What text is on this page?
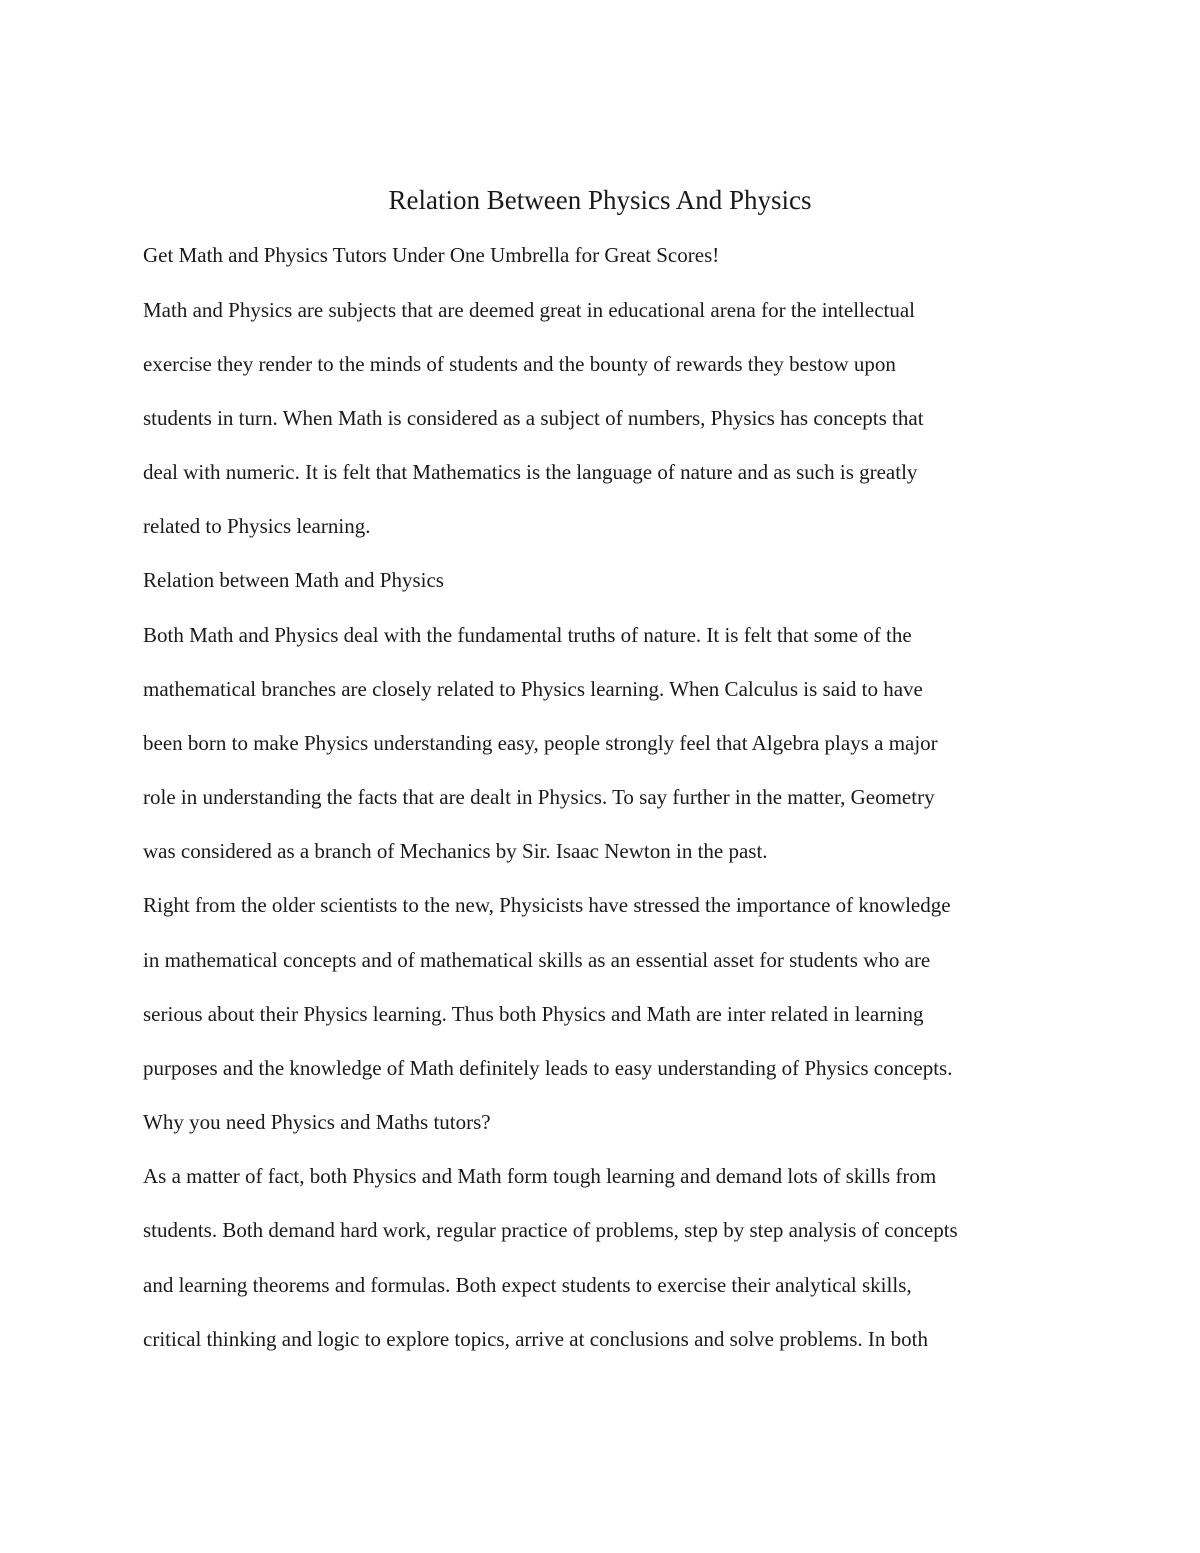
Relation Between Physics And Physics

Get Math and Physics Tutors Under One Umbrella for Great Scores!

Math and Physics are subjects that are deemed great in educational arena for the intellectual

exercise they render to the minds of students and the bounty of rewards they bestow upon

students in turn. When Math is considered as a subject of numbers, Physics has concepts that

deal with numeric. It is felt that Mathematics is the language of nature and as such is greatly

related to Physics learning.

Relation between Math and Physics

Both Math and Physics deal with the fundamental truths of nature. It is felt that some of the

mathematical branches are closely related to Physics learning. When Calculus is said to have

been born to make Physics understanding easy, people strongly feel that Algebra plays a major

role in understanding the facts that are dealt in Physics. To say further in the matter, Geometry

was considered as a branch of Mechanics by Sir. Isaac Newton in the past.

Right from the older scientists to the new, Physicists have stressed the importance of knowledge

in mathematical concepts and of mathematical skills as an essential asset for students who are

serious about their Physics learning. Thus both Physics and Math are inter related in learning

purposes and the knowledge of Math definitely leads to easy understanding of Physics concepts.

Why you need Physics and Maths tutors?

As a matter of fact, both Physics and Math form tough learning and demand lots of skills from

students. Both demand hard work, regular practice of problems, step by step analysis of concepts

and learning theorems and formulas. Both expect students to exercise their analytical skills,

critical thinking and logic to explore topics, arrive at conclusions and solve problems. In both
